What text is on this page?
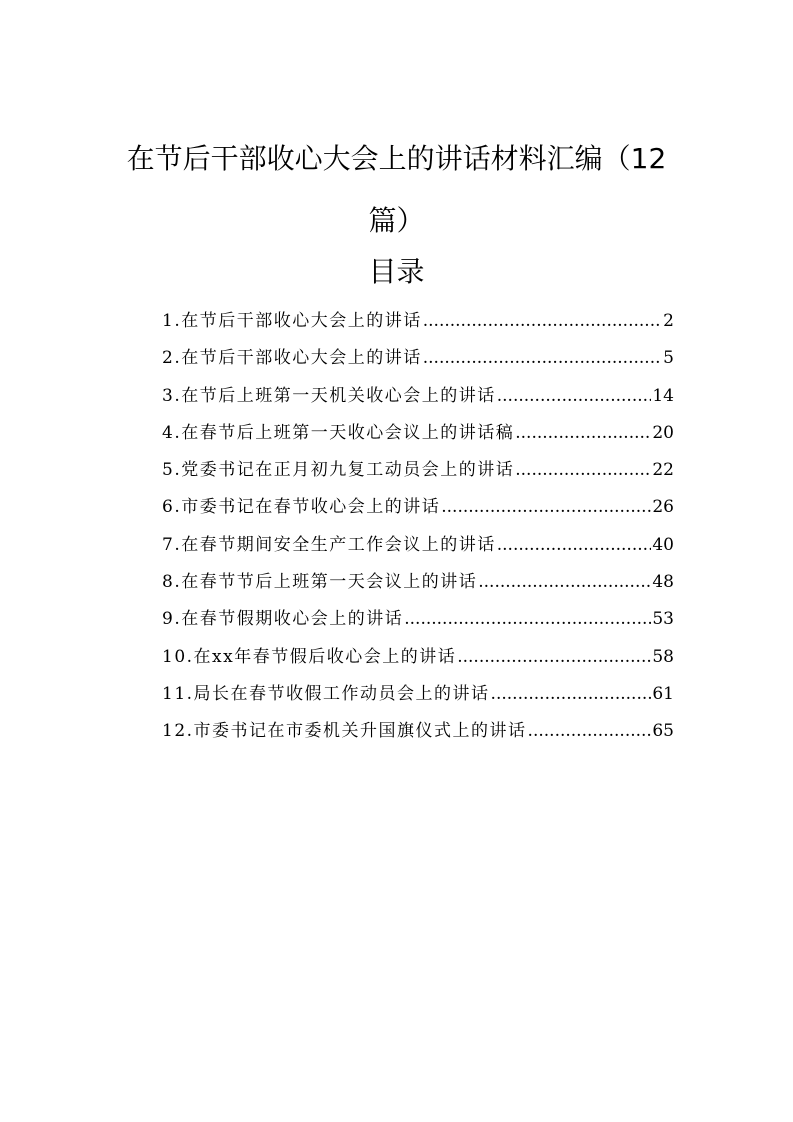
在节后干部收心大会上的讲话材料汇编（12篇）
目录
1.在节后干部收心大会上的讲话 .....	2
2.在节后干部收心大会上的讲话 .....	5
3.在节后上班第一天机关收心会上的讲话 .....	14
4.在春节后上班第一天收心会议上的讲话稿 .....	20
5.党委书记在正月初九复工动员会上的讲话 .....	22
6.市委书记在春节收心会上的讲话 .....	26
7.在春节期间安全生产工作会议上的讲话 .....	40
8.在春节节后上班第一天会议上的讲话 .....	48
9.在春节假期收心会上的讲话 .....	53
10.在xx年春节假后收心会上的讲话 .....	58
11.局长在春节收假工作动员会上的讲话 .....	61
12.市委书记在市委机关升国旗仪式上的讲话 .....	65
